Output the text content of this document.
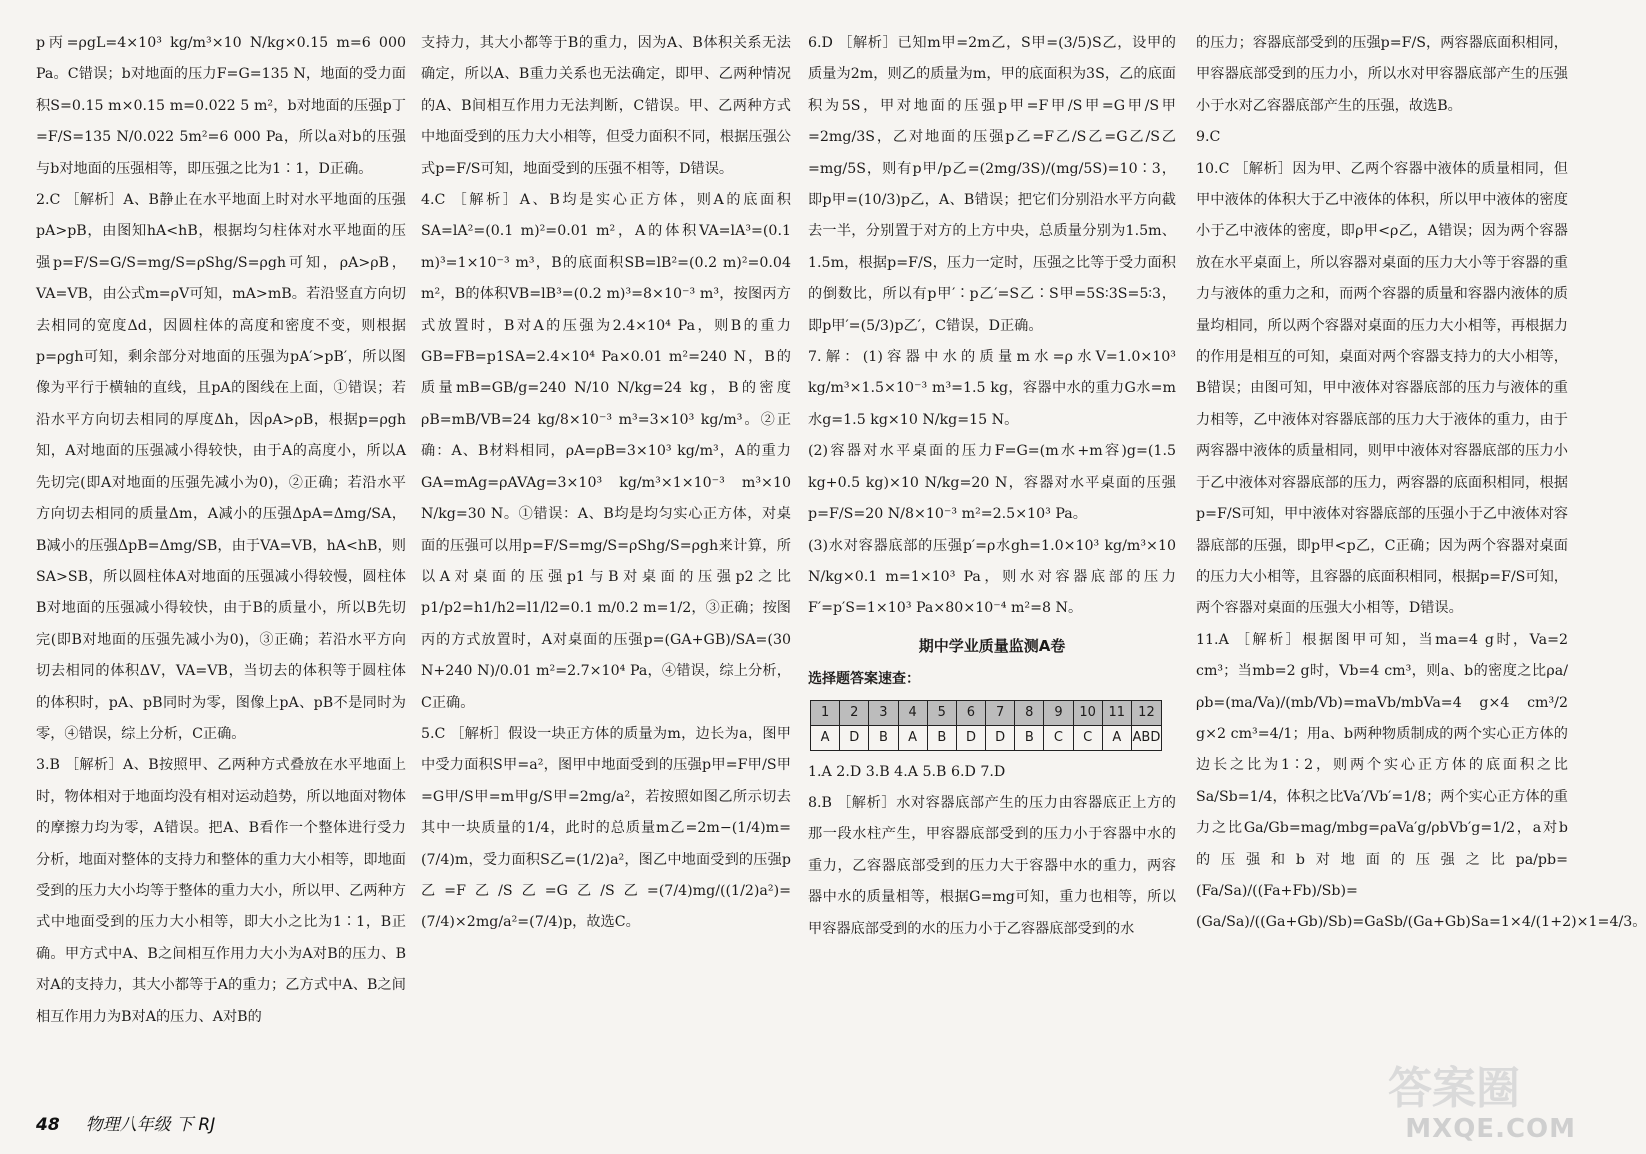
p丙=ρgL=4×10³ kg/m³×10 N/kg×0.15 m=6 000 Pa。C错误；b对地面的压力F=G=135 N，地面的受力面积S=0.15 m×0.15 m=0.022 5 m²，b对地面的压强p丁=F/S=135 N/0.022 5m²=6 000 Pa，所以a对b的压强与b对地面的压强相等，即压强之比为1∶1，D正确。

2.C ［解析］A、B静止在水平地面上时对水平地面的压强pA>pB，由图知hA<hB，根据均匀柱体对水平地面的压强p=F/S=G/S=mg/S=ρShg/S=ρgh可知，ρA>ρB，VA=VB，由公式m=ρV可知，mA>mB。若沿竖直方向切去相同的宽度Δd，因圆柱体的高度和密度不变，则根据p=ρgh可知，剩余部分对地面的压强为pA′>pB′，所以图像为平行于横轴的直线，且pA的图线在上面，①错误；若沿水平方向切去相同的厚度Δh，因ρA>ρB，根据p=ρgh知，A对地面的压强减小得较快，由于A的高度小，所以A先切完(即A对地面的压强先减小为0)，②正确；若沿水平方向切去相同的质量Δm，A减小的压强ΔpA=Δmg/SA，B减小的压强ΔpB=Δmg/SB，由于VA=VB，hA<hB，则SA>SB，所以圆柱体A对地面的压强减小得较慢，圆柱体B对地面的压强减小得较快，由于B的质量小，所以B先切完(即B对地面的压强先减小为0)，③正确；若沿水平方向切去相同的体积ΔV，VA=VB，当切去的体积等于圆柱体的体积时，pA、pB同时为零，图像上pA、pB不是同时为零，④错误，综上分析，C正确。

3.B ［解析］A、B按照甲、乙两种方式叠放在水平地面上时，物体相对于地面均没有相对运动趋势，所以地面对物体的摩擦力均为零，A错误。把A、B看作一个整体进行受力分析，地面对整体的支持力和整体的重力大小相等，即地面受到的压力大小均等于整体的重力大小，所以甲、乙两种方式中地面受到的压力大小相等，即大小之比为1∶1，B正确。甲方式中A、B之间相互作用力大小为A对B的压力、B对A的支持力，其大小都等于A的重力；乙方式中A、B之间相互作用力为B对A的压力、A对B的

支持力，其大小都等于B的重力，因为A、B体积关系无法确定，所以A、B重力关系也无法确定，即甲、乙两种情况的A、B间相互作用力无法判断，C错误。甲、乙两种方式中地面受到的压力大小相等，但受力面积不同，根据压强公式p=F/S可知，地面受到的压强不相等，D错误。

4.C ［解析］A、B均是实心正方体，则A的底面积SA=lA²=(0.1 m)²=0.01 m²，A的体积VA=lA³=(0.1 m)³=1×10⁻³ m³，B的底面积SB=lB²=(0.2 m)²=0.04 m²，B的体积VB=lB³=(0.2 m)³=8×10⁻³ m³，按图丙方式放置时，B对A的压强为2.4×10⁴ Pa，则B的重力GB=FB=p1SA=2.4×10⁴ Pa×0.01 m²=240 N，B的质量mB=GB/g=240 N/10 N/kg=24 kg，B的密度ρB=mB/VB=24 kg/8×10⁻³ m³=3×10³ kg/m³。②正确：A、B材料相同，ρA=ρB=3×10³ kg/m³，A的重力GA=mAg=ρAVAg=3×10³ kg/m³×1×10⁻³ m³×10 N/kg=30 N。①错误：A、B均是均匀实心正方体，对桌面的压强可以用p=F/S=mg/S=ρShg/S=ρgh来计算，所以A对桌面的压强p1与B对桌面的压强p2之比p1/p2=h1/h2=l1/l2=0.1 m/0.2 m=1/2，③正确；按图丙的方式放置时，A对桌面的压强p=(GA+GB)/SA=(30 N+240 N)/0.01 m²=2.7×10⁴ Pa，④错误，综上分析，C正确。

5.C ［解析］假设一块正方体的质量为m，边长为a，图甲中受力面积S甲=a²，图甲中地面受到的压强p甲=F甲/S甲=G甲/S甲=m甲g/S甲=2mg/a²，若按照如图乙所示切去其中一块质量的1/4，此时的总质量m乙=2m−(1/4)m=(7/4)m，受力面积S乙=(1/2)a²，图乙中地面受到的压强p乙=F乙/S乙=G乙/S乙=(7/4)mg/((1/2)a²)=(7/4)×2mg/a²=(7/4)p，故选C。

6.D ［解析］已知m甲=2m乙，S甲=(3/5)S乙，设甲的质量为2m，则乙的质量为m，甲的底面积为3S，乙的底面积为5S，甲对地面的压强p甲=F甲/S甲=G甲/S甲=2mg/3S，乙对地面的压强p乙=F乙/S乙=G乙/S乙=mg/5S，则有p甲/p乙=(2mg/3S)/(mg/5S)=10∶3，即p甲=(10/3)p乙，A、B错误；把它们分别沿水平方向截去一半，分别置于对方的上方中央，总质量分别为1.5m、1.5m，根据p=F/S，压力一定时，压强之比等于受力面积的倒数比，所以有p甲′∶p乙′=S乙∶S甲=5S∶3S=5∶3，即p甲′=(5/3)p乙′，C错误，D正确。

7.解：(1)容器中水的质量m水=ρ水V=1.0×10³ kg/m³×1.5×10⁻³ m³=1.5 kg，容器中水的重力G水=m水g=1.5 kg×10 N/kg=15 N。

(2)容器对水平桌面的压力F=G=(m水+m容)g=(1.5 kg+0.5 kg)×10 N/kg=20 N，容器对水平桌面的压强p=F/S=20 N/8×10⁻³ m²=2.5×10³ Pa。

(3)水对容器底部的压强p′=ρ水gh=1.0×10³ kg/m³×10 N/kg×0.1 m=1×10³ Pa，则水对容器底部的压力F′=p′S=1×10³ Pa×80×10⁻⁴ m²=8 N。

期中学业质量监测A卷
选择题答案速查：
1	2	3	4	5	6	7	8	9	10	11	12
A	D	B	A	B	D	D	B	C	C	A	ABD

1.A 2.D 3.B 4.A 5.B 6.D 7.D

8.B ［解析］水对容器底部产生的压力由容器底正上方的那一段水柱产生，甲容器底部受到的压力小于容器中水的重力，乙容器底部受到的压力大于容器中水的重力，两容器中水的质量相等，根据G=mg可知，重力也相等，所以甲容器底部受到的水的压力小于乙容器底部受到的水

的压力；容器底部受到的压强p=F/S，两容器底面积相同，甲容器底部受到的压力小，所以水对甲容器底部产生的压强小于水对乙容器底部产生的压强，故选B。

9.C

10.C ［解析］因为甲、乙两个容器中液体的质量相同，但甲中液体的体积大于乙中液体的体积，所以甲中液体的密度小于乙中液体的密度，即ρ甲<ρ乙，A错误；因为两个容器放在水平桌面上，所以容器对桌面的压力大小等于容器的重力与液体的重力之和，而两个容器的质量和容器内液体的质量均相同，所以两个容器对桌面的压力大小相等，再根据力的作用是相互的可知，桌面对两个容器支持力的大小相等，B错误；由图可知，甲中液体对容器底部的压力与液体的重力相等，乙中液体对容器底部的压力大于液体的重力，由于两容器中液体的质量相同，则甲中液体对容器底部的压力小于乙中液体对容器底部的压力，两容器的底面积相同，根据p=F/S可知，甲中液体对容器底部的压强小于乙中液体对容器底部的压强，即p甲<p乙，C正确；因为两个容器对桌面的压力大小相等，且容器的底面积相同，根据p=F/S可知，两个容器对桌面的压强大小相等，D错误。

11.A ［解析］根据图甲可知，当ma=4 g时，Va=2 cm³；当mb=2 g时，Vb=4 cm³，则a、b的密度之比ρa/ρb=(ma/Va)/(mb/Vb)=maVb/mbVa=4 g×4 cm³/2 g×2 cm³=4/1；用a、b两种物质制成的两个实心正方体的边长之比为1∶2，则两个实心正方体的底面积之比Sa/Sb=1/4，体积之比Va′/Vb′=1/8；两个实心正方体的重力之比Ga/Gb=mag/mbg=ρaVa′g/ρbVb′g=1/2，a对b的压强和b对地面的压强之比pa/pb=(Fa/Sa)/((Fa+Fb)/Sb)=(Ga/Sa)/((Ga+Gb)/Sb)=GaSb/(Ga+Gb)Sa=1×4/(1+2)×1=4/3。

48 物理八年级 下 RJ
答案圈
MXQE.COM
